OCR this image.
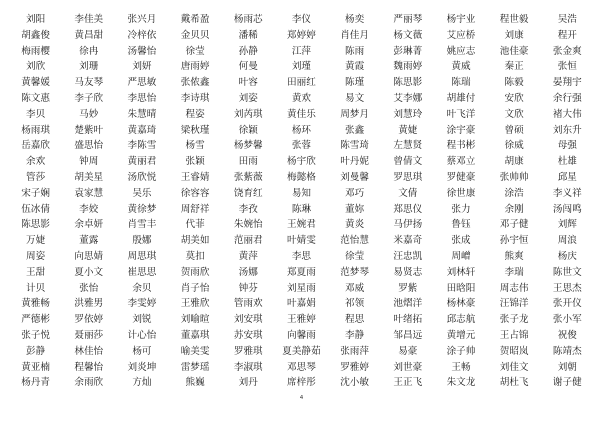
刘阳	李佳美	张兴月	戴希盈	杨雨芯	李仪	杨奕	严丽琴	杨宇业	程世毅	吴浩
胡鑫俊	黄昌甜	冷梓依	金贝贝	潘稀	郑婷婷	肖佳月	杨文薇	艾应桥	刘康	程开
梅雨樱	徐冉	汤馨怡	徐莹	孙静	江萍	陈雨	彭琳菁	姚应志	池佳豪	张金爽
刘欣	刘珊	刘妍	唐雨婷	何曼	刘瑾	黄霞	魏雨婷	黄威	秦正	张恒
黄馨媛	马友琴	严思敏	张侬鑫	叶容	田丽红	陈瑾	陈思影	陈瑞	陈毅	晏翔宇
陈文惠	李子欣	李思怡	李诗琪	刘姿	黄欢	易文	艾李娜	胡雄付	安欣	余行强
李贝	马妙	朱慧晴	程姿	刘芮琪	黄佳乐	周梦月	刘慧玲	叶飞洋	文欣	褚大伟
杨雨琪	楚紫叶	黄嘉琦	梁秋瑾	徐颖	杨环	张鑫	黄婕	涂宇豪	曾硕	刘东升
岳嘉欣	盛思怡	李陈雪	杨雪	杨梦馨	张蓉	陈雪琦	左慧贤	程书彬	徐威	母强
余欢	钟周	黄丽君	张颖	田雨	杨宇欣	叶丹妮	曾倩文	蔡邓立	胡康	杜雄
管莎	胡美星	汤欣悦	王睿婧	张紫薇	梅懿格	刘曼馨	罗思琪	罗健豪	张帅帅	邱星
宋子娴	袁家慧	吴乐	徐容容	饶育红	易知	邓巧	文倩	徐世康	涂浩	李义祥
伍冰倩	李姣	黄徐梦	周舒祥	李孜	陈琳	董妳	郑思仪	张力	余刚	汤闯鸣
陈思影	余卓妍	肖雪丰	代菲	朱婉怡	王婉君	黄炎	马伊扬	鲁钰	邓子健	刘辉
万婕	董露	殷娜	胡美如	范丽君	叶婧雯	范怡慧	米嘉奇	张成	孙宇恒	周浪
周姿	向思婧	周思琪	莫扣	黄萍	李思	徐莹	汪忠凯	周嶒	熊爽	杨庆
王甜	夏小文	崔思思	贺雨欣	汤娜	郑夏雨	范梦琴	易贤志	刘林轩	李瑞	陈世文
计贝	张怡	余贝	肖子怡	钟芬	刘星雨	邓威	罗紫	田晗阳	周志伟	王思杰
黄雅畅	洪雅男	李雯婷	王雅欣	管雨欢	叶嘉娟	祁领	池熠洋	杨林豪	汪锦洋	张开仪
严德彬	罗依婷	刘锐	刘喻暄	刘安琪	王雅婷	程思	叶绪拓	邱志航	张子龙	张小军
张子悦	聂丽莎	计心怡	董嘉琪	苏安琪	向馨雨	李静	邹昌远	黄增元	王占锦	祝俊
彭静	林佳怡	杨可	喻美雯	罗雅琪	夏美静茹	张雨萍	易豪	涂子帅	贺昭岚	陈靖杰
黄亚楠	程馨怡	刘炎坤	雷梦瑶	李淑琪	邓思琴	罗雅婷	刘世豪	王畅	刘佳文	刘朝
杨丹青	余雨欣	方灿	熊巍	刘丹	席梓彤	沈小敏	王正飞	朱文龙	胡杜飞	谢子健
4
